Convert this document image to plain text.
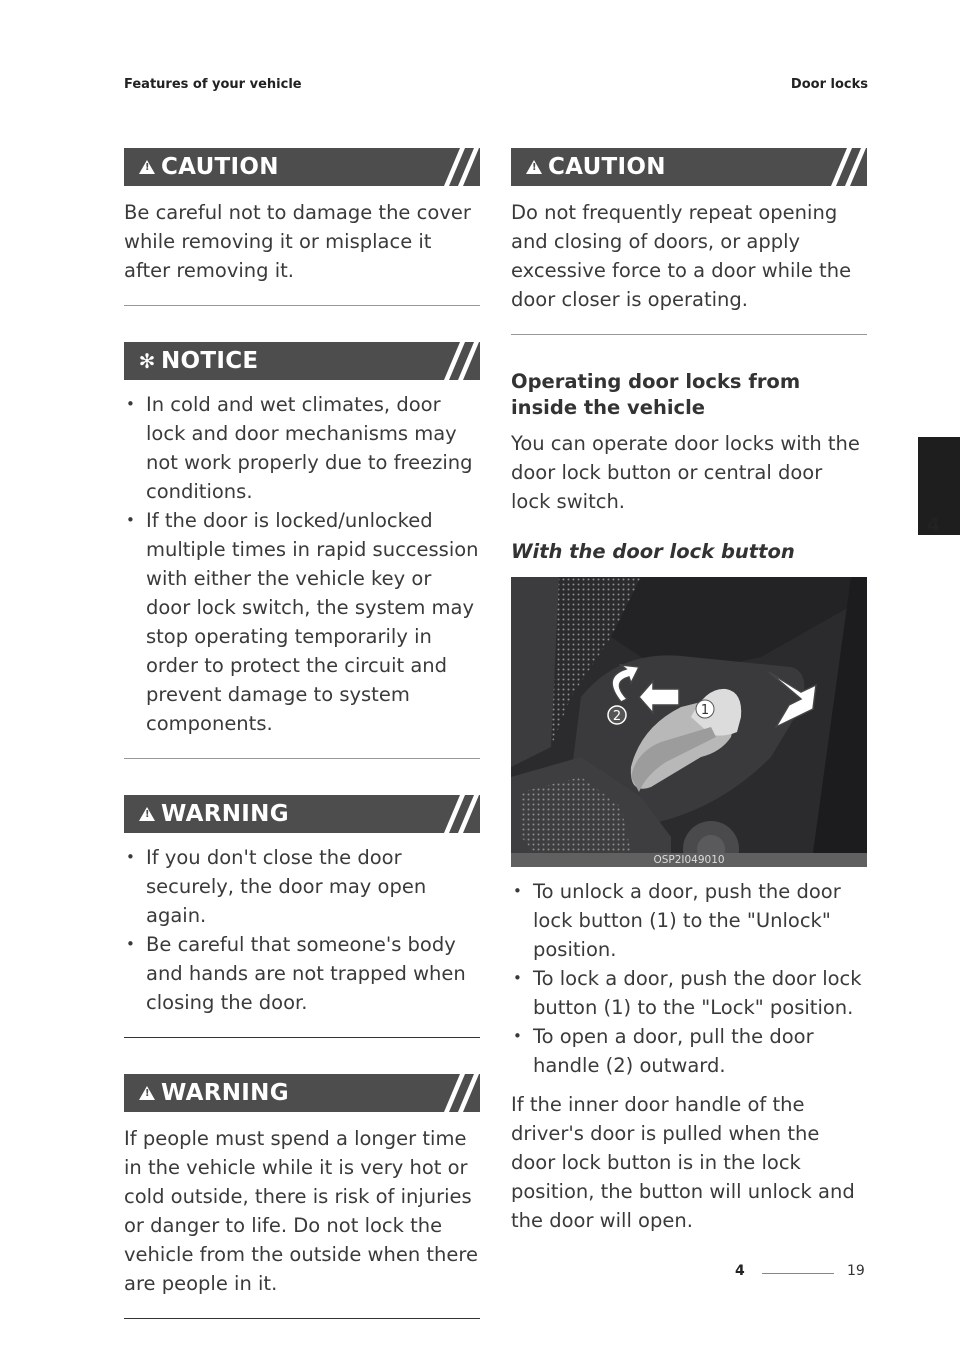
Features of your vehicle	Door locks
!
CAUTION

Be careful not to damage the cover while removing it or misplace it after removing it.

✻ NOTICE
• In cold and wet climates, door lock and door mechanisms may not work properly due to freezing conditions.
• If the door is locked/unlocked multiple times in rapid succession with either the vehicle key or door lock switch, the system may stop operating temporarily in order to protect the circuit and prevent damage to system components.
!
WARNING
• If you don't close the door securely, the door may open again.
• Be careful that someone's body and hands are not trapped when closing the door.
!
WARNING

If people must spend a longer time in the vehicle while it is very hot or cold outside, there is risk of injuries or danger to life. Do not lock the vehicle from the outside when there are people in it.

!
CAUTION

Do not frequently repeat opening and closing of doors, or apply excessive force to a door while the door closer is operating.

Operating door locks from inside the vehicle

You can operate door locks with the door lock button or central door lock switch.

With the door lock button
1
2
OSP2I049010
• To unlock a door, push the door lock button (1) to the "Unlock" position.
• To lock a door, push the door lock button (1) to the "Lock" position.
• To open a door, pull the door handle (2) outward.

If the inner door handle of the driver's door is pulled when the door lock button is in the lock position, the button will unlock and the door will open.

4
4	19
